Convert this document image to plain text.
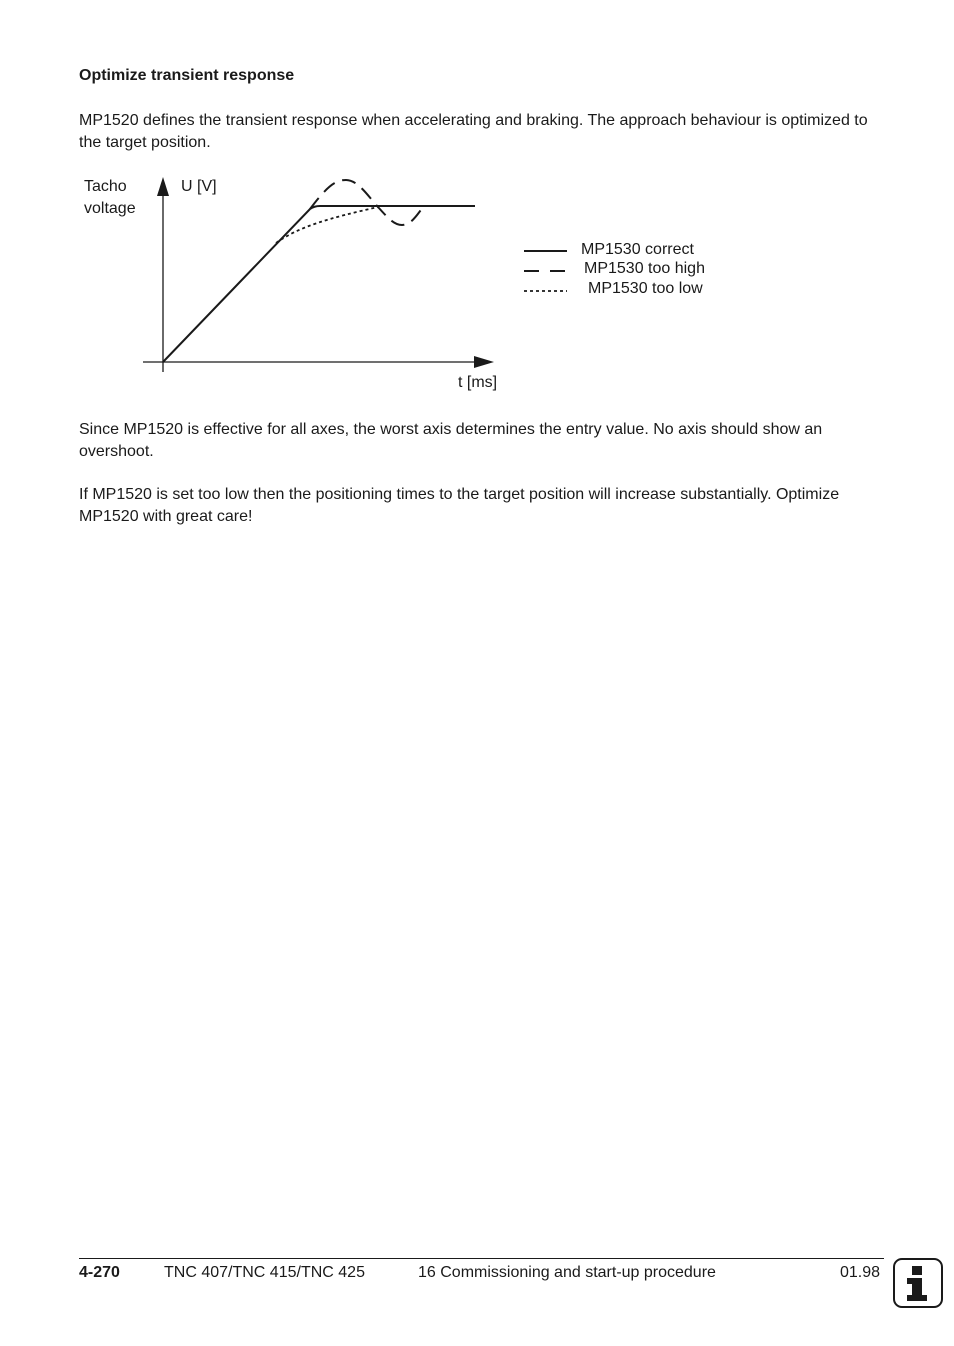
Optimize transient response

MP1520 defines the transient response when accelerating and braking. The approach behaviour is optimized to the target position.

Tacho
voltage
U [V]
t [ms]
MP1530 correct
MP1530 too high
MP1530 too low

Since MP1520 is effective for all axes, the worst axis determines the entry value. No axis should show an overshoot.

If MP1520 is set too low then the positioning times to the target position will increase substantially. Optimize MP1520 with great care!

4-270	TNC 407/TNC 415/TNC 425	16 Commissioning and start-up procedure	01.98
